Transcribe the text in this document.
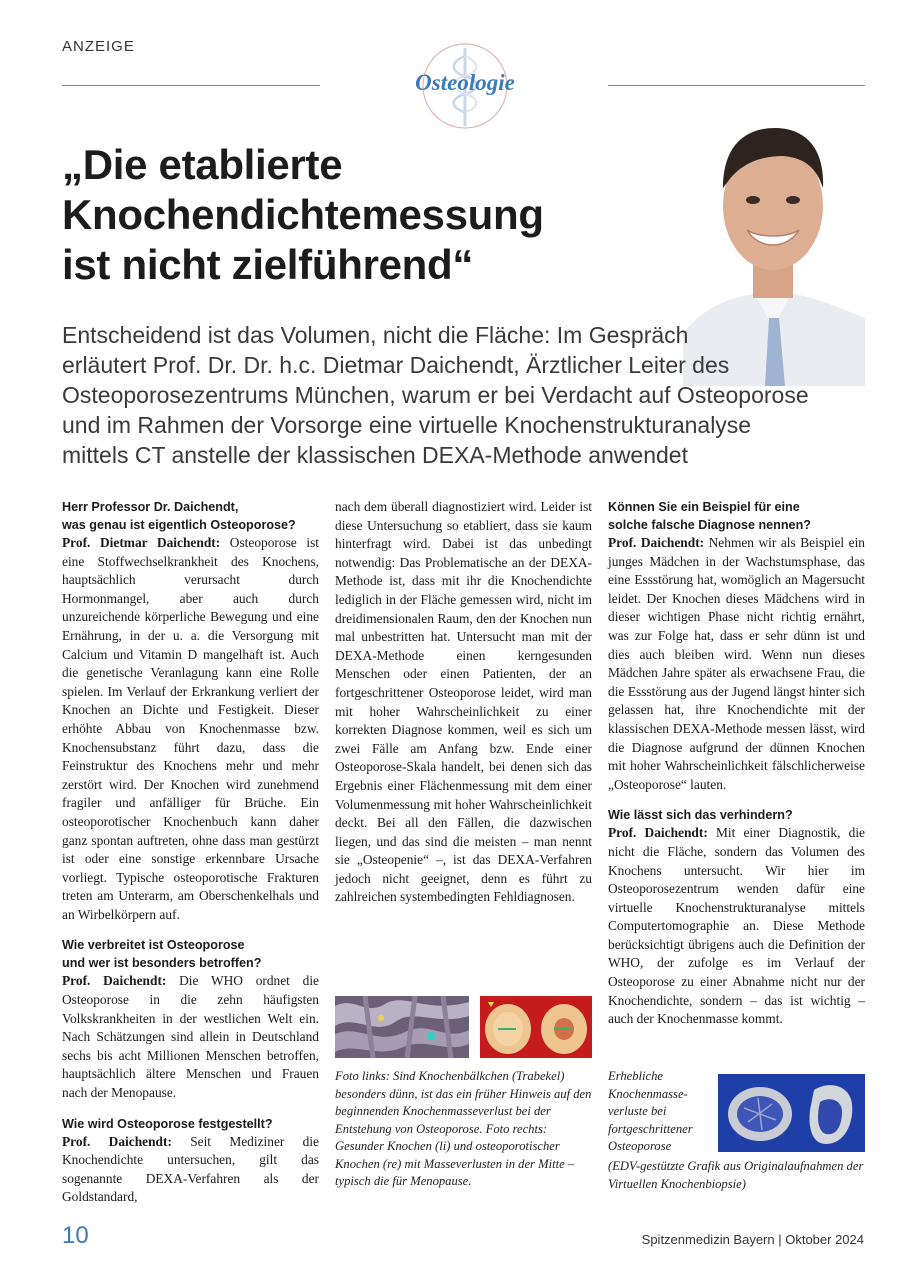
ANZEIGE
Osteologie
„Die etablierte
Knochendichtemessung
ist nicht zielführend“
Entscheidend ist das Volumen, nicht die Fläche: Im Gespräch
erläutert Prof. Dr. Dr. h.c. Dietmar Daichendt, Ärztlicher Leiter des
Osteoporosezentrums München, warum er bei Verdacht auf Osteoporose
und im Rahmen der Vorsorge eine virtuelle Knochenstrukturanalyse
mittels CT anstelle der klassischen DEXA-Methode anwendet
Herr Professor Dr. Daichendt,
was genau ist eigentlich Osteoporose?

Prof. Dietmar Daichendt: Osteoporose ist eine Stoffwechselkrankheit des Knochens, hauptsächlich verursacht durch Hormonmangel, aber auch durch unzureichende körperliche Bewegung und eine Ernährung, in der u. a. die Versorgung mit Calcium und Vitamin D mangelhaft ist. Auch die genetische Veranlagung kann eine Rolle spielen. Im Verlauf der Erkrankung verliert der Knochen an Dichte und Festigkeit. Dieser erhöhte Abbau von Knochenmasse bzw. Knochensubstanz führt dazu, dass die Feinstruktur des Knochens mehr und mehr zerstört wird. Der Knochen wird zunehmend fragiler und anfälliger für Brüche. Ein osteoporotischer Knochenbuch kann daher ganz spontan auftreten, ohne dass man gestürzt ist oder eine sonstige erkennbare Ursache vorliegt. Typische osteoporotische Frakturen treten am Unterarm, am Oberschenkelhals und an Wirbelkörpern auf.

Wie verbreitet ist Osteoporose
und wer ist besonders betroffen?

Prof. Daichendt: Die WHO ordnet die Osteoporose in die zehn häufigsten Volkskrankheiten in der westlichen Welt ein. Nach Schätzungen sind allein in Deutschland sechs bis acht Millionen Menschen betroffen, hauptsächlich ältere Menschen und Frauen nach der Menopause.

Wie wird Osteoporose festgestellt?

Prof. Daichendt: Seit Mediziner die Knochendichte untersuchen, gilt das sogenannte DEXA-Verfahren als der Goldstandard,

nach dem überall diagnostiziert wird. Leider ist diese Untersuchung so etabliert, dass sie kaum hinterfragt wird. Dabei ist das unbedingt notwendig: Das Problematische an der DEXA-Methode ist, dass mit ihr die Knochendichte lediglich in der Fläche gemessen wird, nicht im dreidimensionalen Raum, den der Knochen nun mal unbestritten hat. Untersucht man mit der DEXA-Methode einen kerngesunden Menschen oder einen Patienten, der an fortgeschrittener Osteoporose leidet, wird man mit hoher Wahrscheinlichkeit zu einer korrekten Diagnose kommen, weil es sich um zwei Fälle am Anfang bzw. Ende einer Osteoporose-Skala handelt, bei denen sich das Ergebnis einer Flächenmessung mit dem einer Volumenmessung mit hoher Wahrscheinlichkeit deckt. Bei all den Fällen, die dazwischen liegen, und das sind die meisten – man nennt sie „Osteopenie“ –, ist das DEXA-Verfahren jedoch nicht geeignet, denn es führt zu zahlreichen systembedingten Fehldiagnosen.

Foto links: Sind Knochenbälkchen (Trabekel) besonders dünn, ist das ein früher Hinweis auf den beginnenden Knochenmasseverlust bei der Entstehung von Osteoporose. Foto rechts: Gesunder Knochen (li) und osteoporotischer Knochen (re) mit Masseverlusten in der Mitte – typisch die für Menopause.
Können Sie ein Beispiel für eine
solche falsche Diagnose nennen?

Prof. Daichendt: Nehmen wir als Beispiel ein junges Mädchen in der Wachstumsphase, das eine Essstörung hat, womöglich an Magersucht leidet. Der Knochen dieses Mädchens wird in dieser wichtigen Phase nicht richtig ernährt, was zur Folge hat, dass er sehr dünn ist und dies auch bleiben wird. Wenn nun dieses Mädchen Jahre später als erwachsene Frau, die die Essstörung aus der Jugend längst hinter sich gelassen hat, ihre Knochendichte mit der klassischen DEXA-Methode messen lässt, wird die Diagnose aufgrund der dünnen Knochen mit hoher Wahrscheinlichkeit fälschlicherweise „Osteoporose“ lauten.

Wie lässt sich das verhindern?

Prof. Daichendt: Mit einer Diagnostik, die nicht die Fläche, sondern das Volumen des Knochens untersucht. Wir hier im Osteoporosezentrum wenden dafür eine virtuelle Knochenstrukturanalyse mittels Computertomographie an. Diese Methode berücksichtigt übrigens auch die Definition der WHO, der zufolge es im Verlauf der Osteoporose zu einer Abnahme nicht nur der Knochendichte, sondern – das ist wichtig – auch der Knochenmasse kommt.

Erhebliche
Knochenmasse-
verluste bei
fortgeschrittener
Osteoporose
(EDV-gestützte Grafik aus Originalaufnahmen der Virtuellen Knochenbiopsie)
10	Spitzenmedizin Bayern | Oktober 2024
